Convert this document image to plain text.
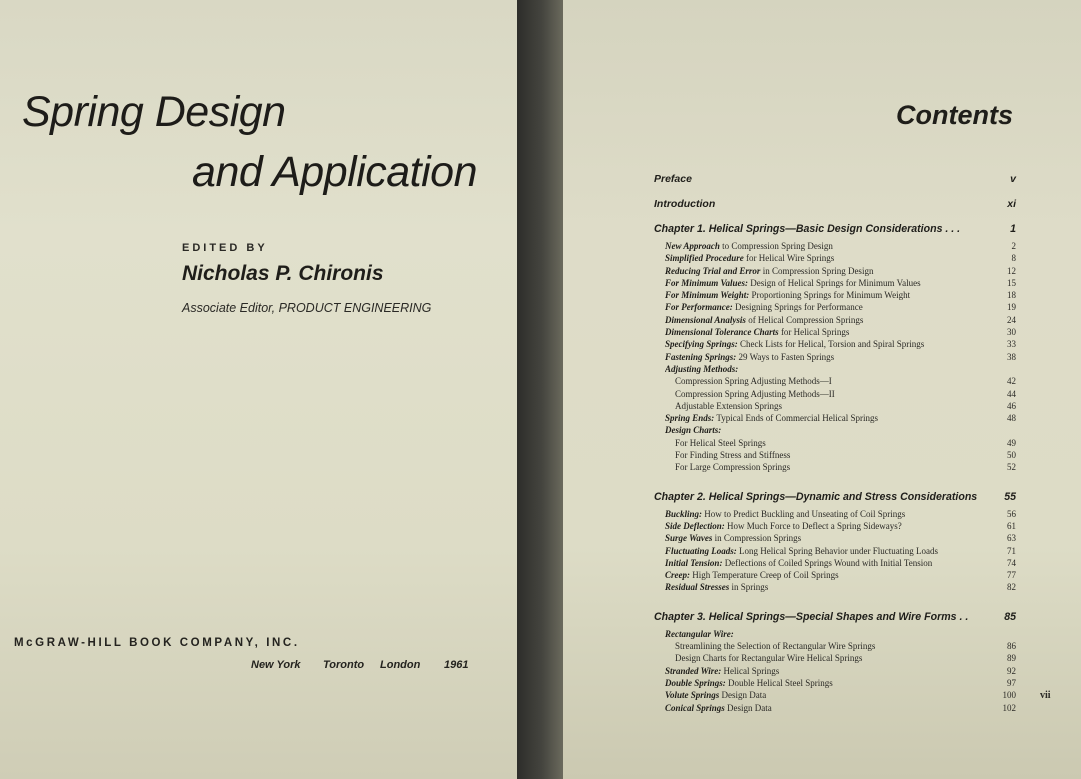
Spring Design
and Application
EDITED BY
Nicholas P. Chironis
Associate Editor, PRODUCT ENGINEERING
McGRAW-HILL BOOK COMPANY, INC.
New York Toronto London 1961
Contents
Preface	v
Introduction	xi
Chapter 1. Helical Springs—Basic Design Considerations . . .	1
New Approach to Compression Spring Design	2
Simplified Procedure for Helical Wire Springs	8
Reducing Trial and Error in Compression Spring Design	12
For Minimum Values: Design of Helical Springs for Minimum Values	15
For Minimum Weight: Proportioning Springs for Minimum Weight	18
For Performance: Designing Springs for Performance	19
Dimensional Analysis of Helical Compression Springs	24
Dimensional Tolerance Charts for Helical Springs	30
Specifying Springs: Check Lists for Helical, Torsion and Spiral Springs	33
Fastening Springs: 29 Ways to Fasten Springs	38
Adjusting Methods:
Compression Spring Adjusting Methods—I	42
Compression Spring Adjusting Methods—II	44
Adjustable Extension Springs	46
Spring Ends: Typical Ends of Commercial Helical Springs	48
Design Charts:
For Helical Steel Springs	49
For Finding Stress and Stiffness	50
For Large Compression Springs	52
Chapter 2. Helical Springs—Dynamic and Stress Considerations	55
Buckling: How to Predict Buckling and Unseating of Coil Springs	56
Side Deflection: How Much Force to Deflect a Spring Sideways?	61
Surge Waves in Compression Springs	63
Fluctuating Loads: Long Helical Spring Behavior under Fluctuating Loads	71
Initial Tension: Deflections of Coiled Springs Wound with Initial Tension	74
Creep: High Temperature Creep of Coil Springs	77
Residual Stresses in Springs	82
Chapter 3. Helical Springs—Special Shapes and Wire Forms . .	85
Rectangular Wire:
Streamlining the Selection of Rectangular Wire Springs	86
Design Charts for Rectangular Wire Helical Springs	89
Stranded Wire: Helical Springs	92
Double Springs: Double Helical Steel Springs	97
Volute Springs Design Data	100
Conical Springs Design Data	102
vii
